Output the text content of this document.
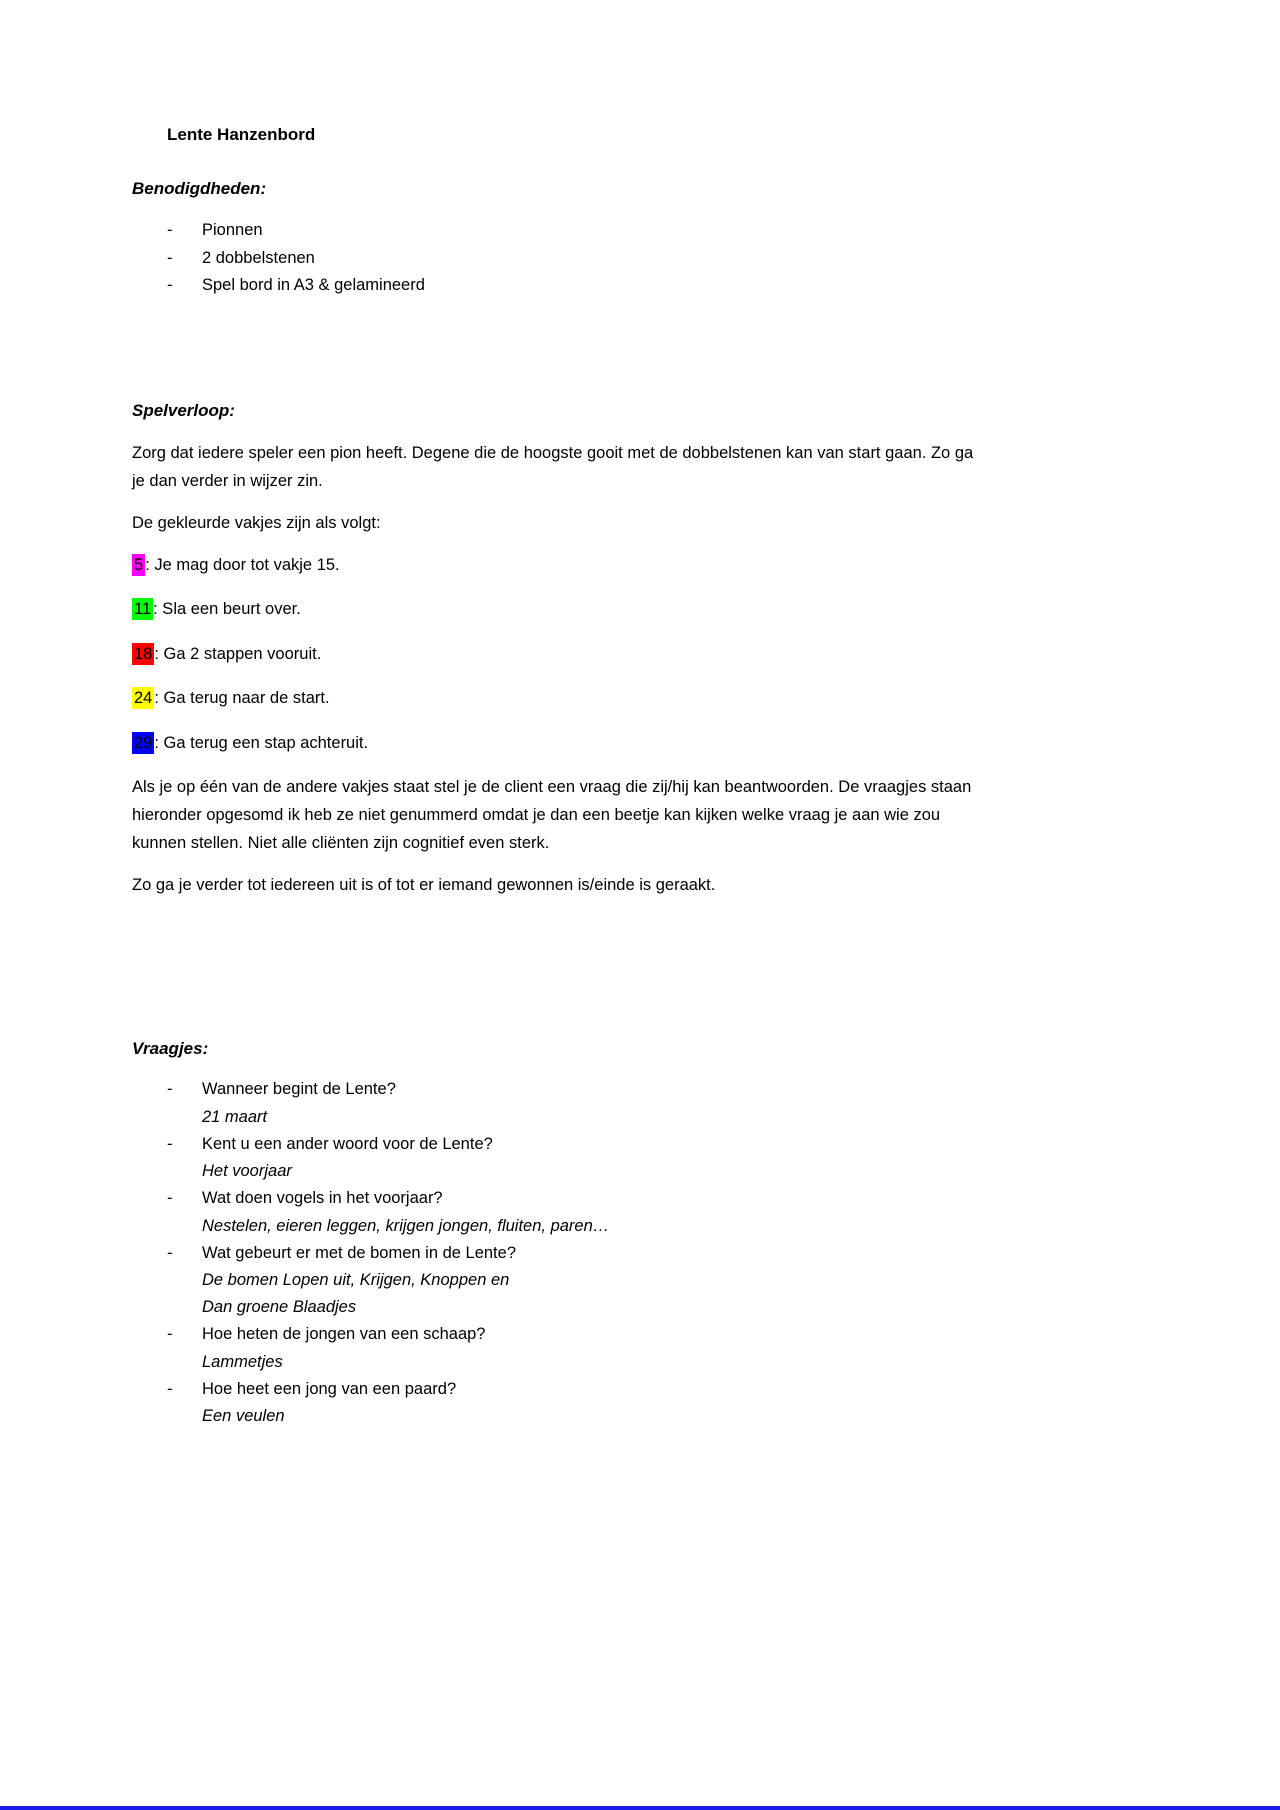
Lente Hanzenbord
Benodigdheden:
-
Pionnen
-
2 dobbelstenen
-
Spel bord in A3 & gelamineerd
Spelverloop:

Zorg dat iedere speler een pion heeft. Degene die de hoogste gooit met de dobbelstenen kan van start gaan. Zo ga je dan verder in wijzer zin.

De gekleurde vakjes zijn als volgt:

5 : Je mag door tot vakje 15.

11 : Sla een beurt over.

18 : Ga 2 stappen vooruit.

24 : Ga terug naar de start.

29 : Ga terug een stap achteruit.

Als je op één van de andere vakjes staat stel je de client een vraag die zij/hij kan beantwoorden. De vraagjes staan hieronder opgesomd ik heb ze niet genummerd omdat je dan een beetje kan kijken welke vraag je aan wie zou kunnen stellen. Niet alle cliënten zijn cognitief even sterk.

Zo ga je verder tot iedereen uit is of tot er iemand gewonnen is/einde is geraakt.

Vraagjes:
-
Wanneer begint de Lente?
21 maart
-
Kent u een ander woord voor de Lente?
Het voorjaar
-
Wat doen vogels in het voorjaar?
Nestelen, eieren leggen, krijgen jongen, fluiten, paren…
-
Wat gebeurt er met de bomen in de Lente?
De bomen Lopen uit, Krijgen, Knoppen en
Dan groene Blaadjes
-
Hoe heten de jongen van een schaap?
Lammetjes
-
Hoe heet een jong van een paard?
Een veulen
